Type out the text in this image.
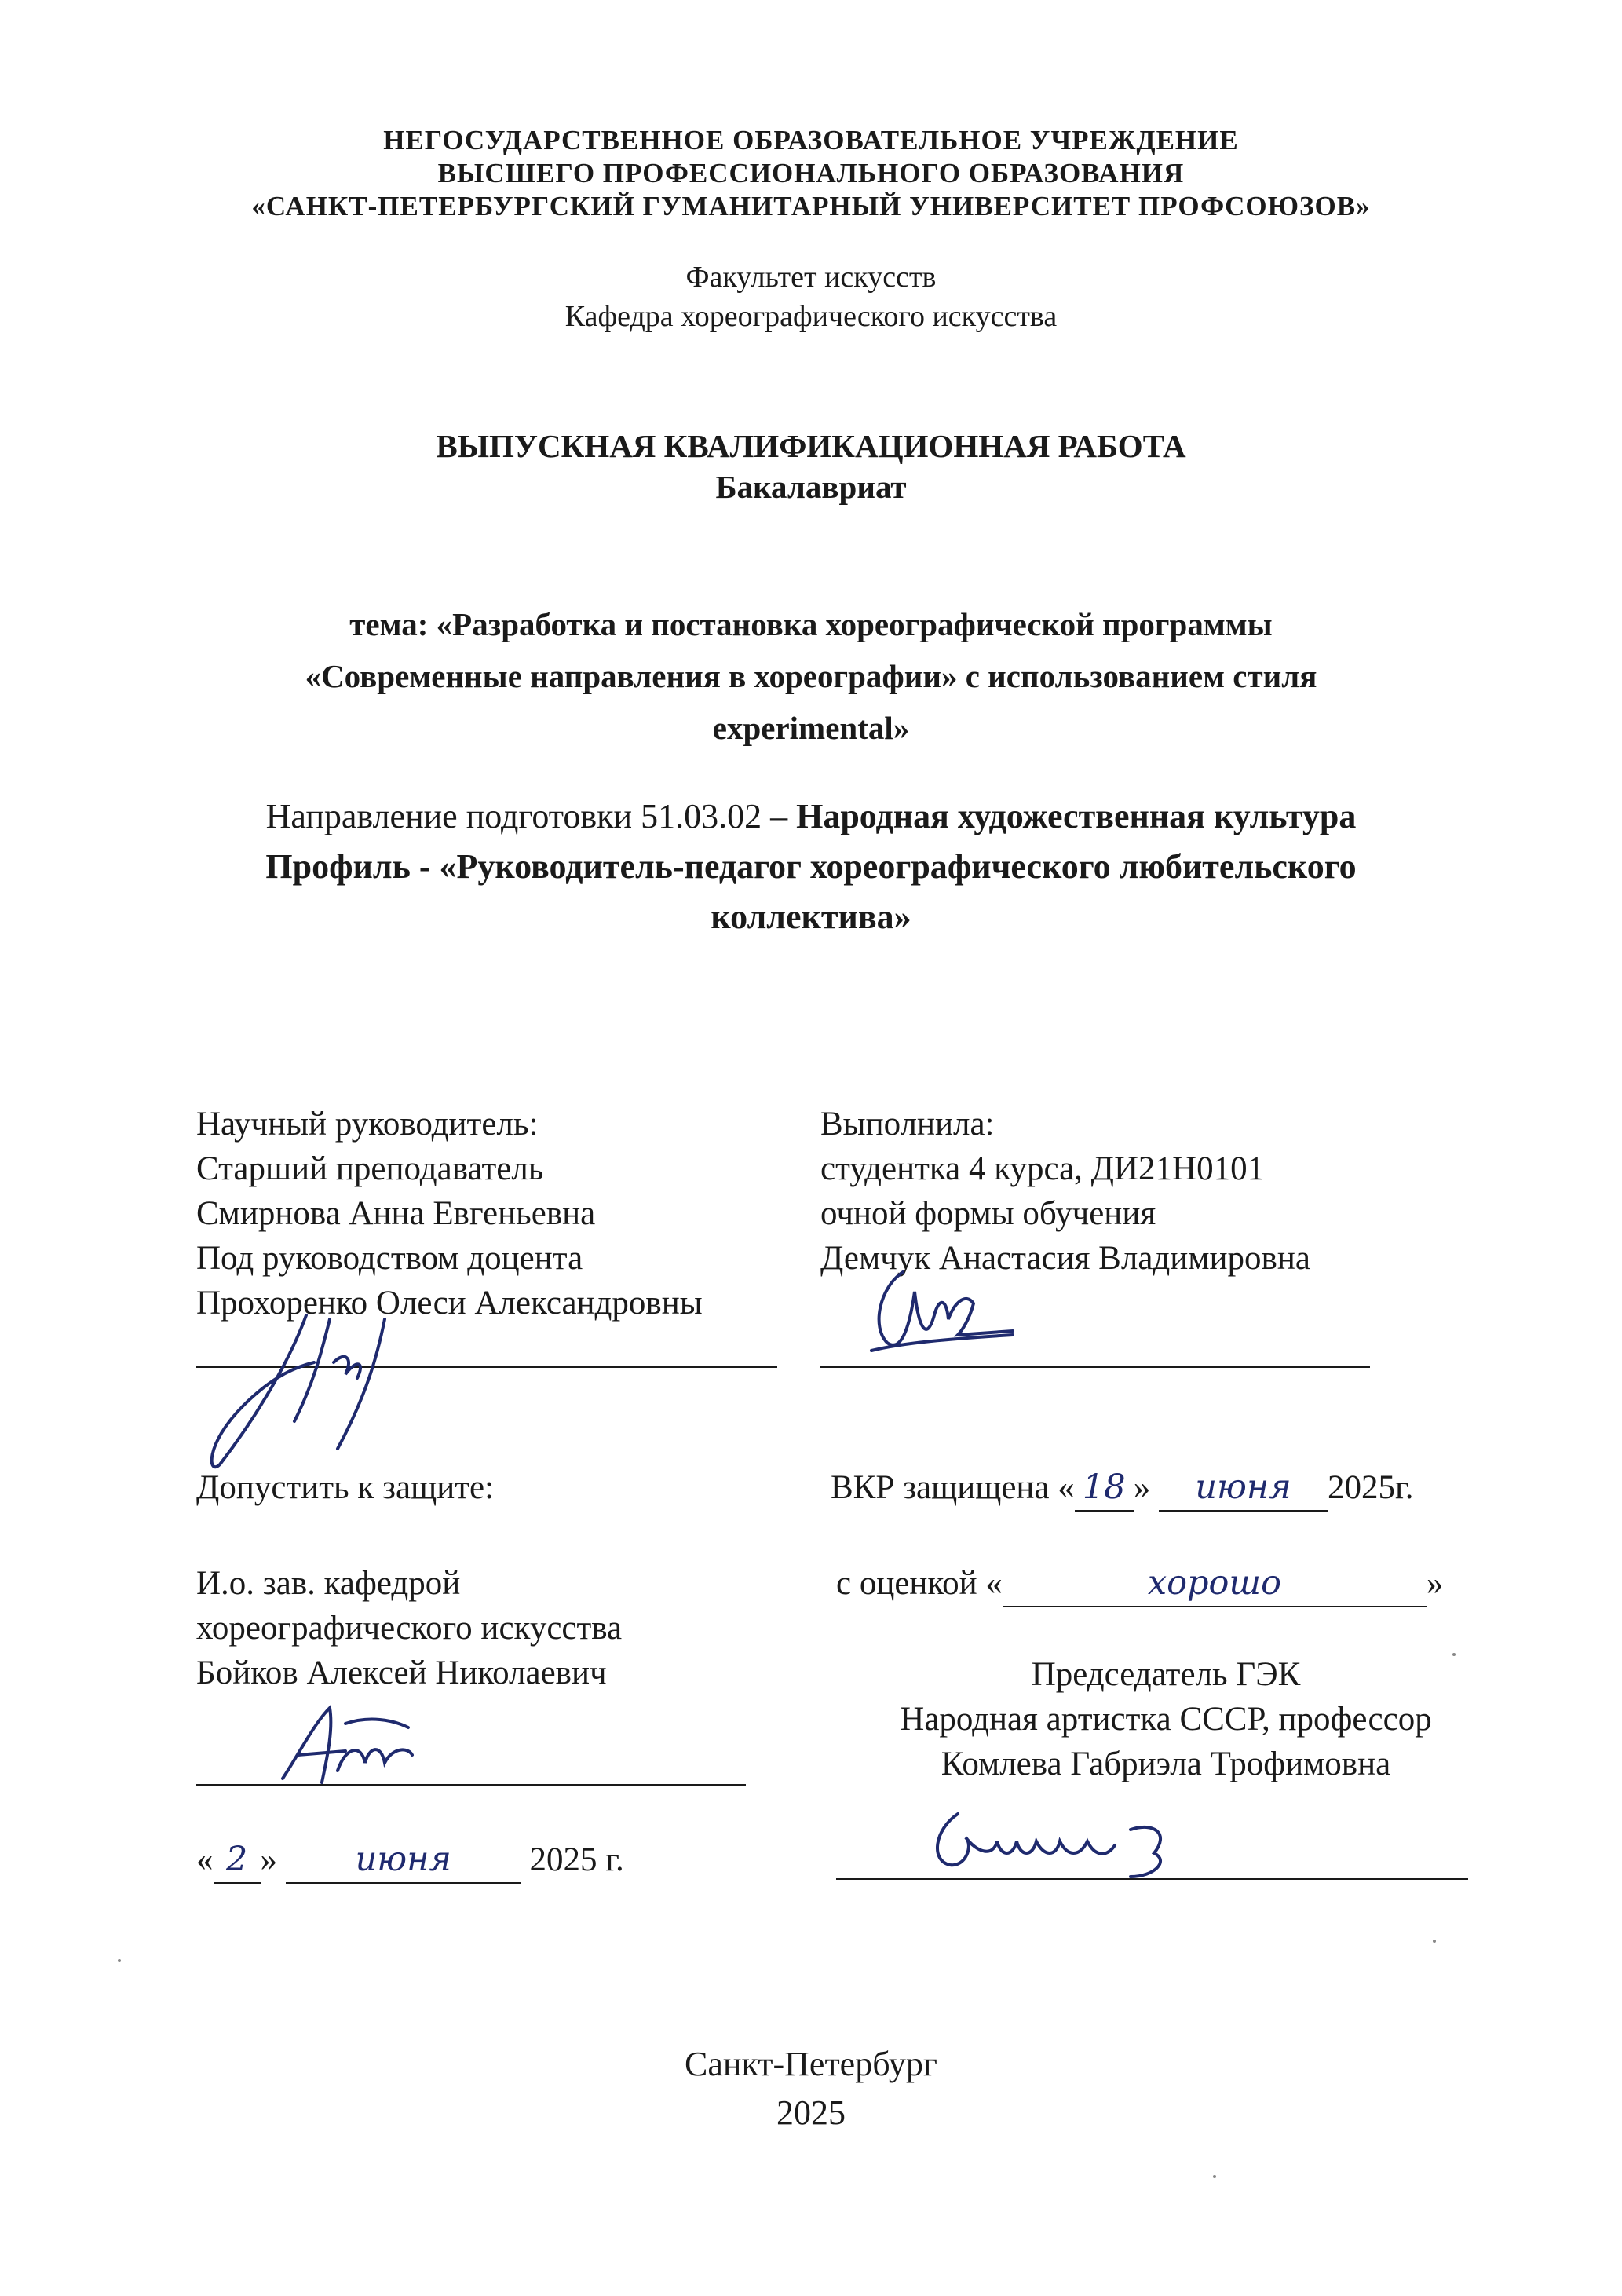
НЕГОСУДАРСТВЕННОЕ ОБРАЗОВАТЕЛЬНОЕ УЧРЕЖДЕНИЕ
ВЫСШЕГО ПРОФЕССИОНАЛЬНОГО ОБРАЗОВАНИЯ
«САНКТ-ПЕТЕРБУРГСКИЙ ГУМАНИТАРНЫЙ УНИВЕРСИТЕТ ПРОФСОЮЗОВ»
Факультет искусств
Кафедра хореографического искусства
ВЫПУСКНАЯ КВАЛИФИКАЦИОННАЯ РАБОТА
Бакалавриат
тема: «Разработка и постановка хореографической программы
«Современные направления в хореографии» с использованием стиля
experimental»
Направление подготовки 51.03.02 – Народная художественная культура
Профиль - «Руководитель-педагог хореографического любительского
коллектива»
Научный руководитель:
Старший преподаватель
Смирнова Анна Евгеньевна
Под руководством доцента
Прохоренко Олеси Александровны
Выполнила:
студентка 4 курса, ДИ21Н0101
очной формы обучения
Демчук Анастасия Владимировна
Допустить к защите:
И.о. зав. кафедрой
хореографического искусства
Бойков Алексей Николаевич
« 2 » июня 2025 г.
ВКР защищена « 18 » июня 2025г.
с оценкой «	хорошо	»
Председатель ГЭК
Народная артистка СССР, профессор
Комлева Габриэла Трофимовна
Санкт-Петербург
2025
